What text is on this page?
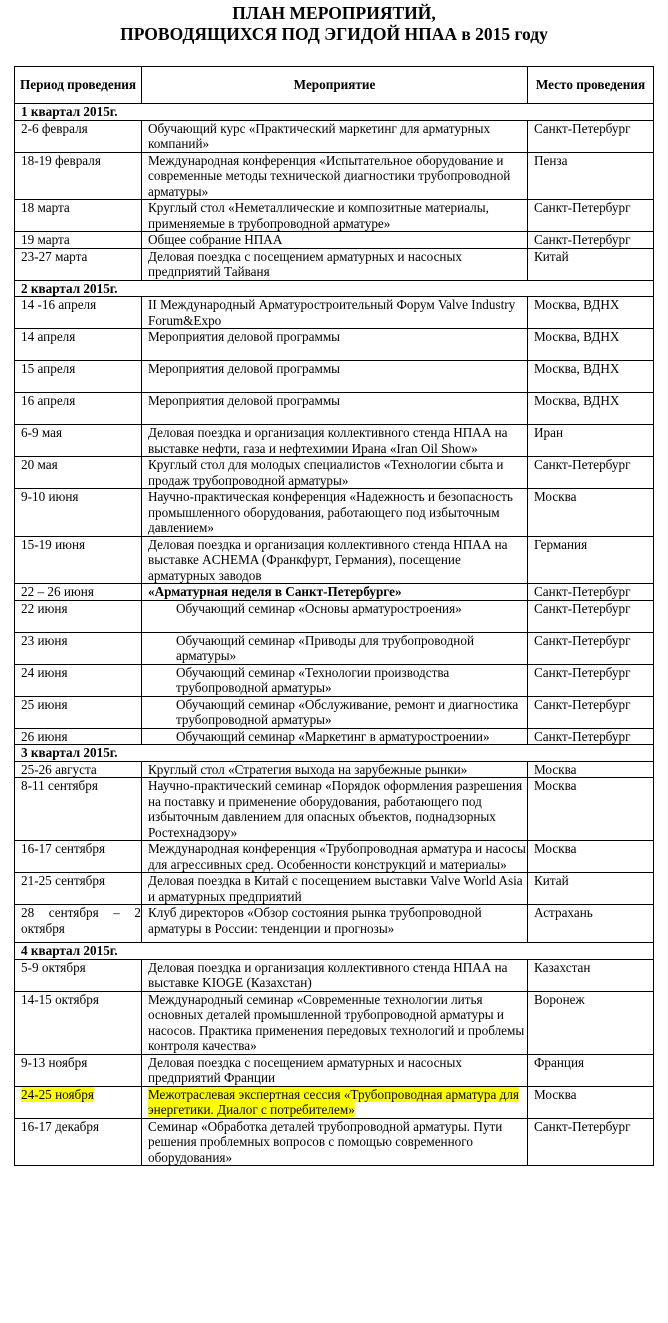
ПЛАН МЕРОПРИЯТИЙ,
ПРОВОДЯЩИХСЯ ПОД ЭГИДОЙ НПАА в 2015 году
Период проведения	Мероприятие	Место проведения
1 квартал 2015г.		
2-6 февраля	Обучающий курс «Практический маркетинг для арматурных компаний»	Санкт-Петербург
18-19 февраля	Международная конференция «Испытательное оборудование и современные методы технической диагностики трубопроводной арматуры»	Пенза
18 марта	Круглый стол «Неметаллические и композитные материалы, применяемые в трубопроводной арматуре»	Санкт-Петербург
19 марта	Общее собрание НПАА	Санкт-Петербург
23-27 марта	Деловая поездка с посещением арматурных и насосных предприятий Тайваня	Китай
2 квартал 2015г.		
14 -16 апреля	II Международный Арматуростроительный Форум Valve Industry Forum&Expo	Москва, ВДНХ
14 апреля	Мероприятия деловой программы	Москва, ВДНХ
15 апреля	Мероприятия деловой программы	Москва, ВДНХ
16 апреля	Мероприятия деловой программы	Москва, ВДНХ
6-9 мая	Деловая поездка и организация коллективного стенда НПАА на выставке нефти, газа и нефтехимии Ирана «Iran Oil Show»	Иран
20 мая	Круглый стол для молодых специалистов «Технологии сбыта и продаж трубопроводной арматуры»	Санкт-Петербург
9-10 июня	Научно-практическая конференция «Надежность и безопасность промышленного оборудования, работающего под избыточным давлением»	Москва
15-19 июня	Деловая поездка и организация коллективного стенда НПАА на выставке ACHEMA (Франкфурт, Германия), посещение арматурных заводов	Германия
22 – 26 июня	«Арматурная неделя в Санкт-Петербурге»	Санкт-Петербург
22 июня	Обучающий семинар «Основы арматуростроения»	Санкт-Петербург
23 июня	Обучающий семинар «Приводы для трубопроводной арматуры»	Санкт-Петербург
24 июня	Обучающий семинар «Технологии производства трубопроводной арматуры»	Санкт-Петербург
25 июня	Обучающий семинар «Обслуживание, ремонт и диагностика трубопроводной арматуры»	Санкт-Петербург
26 июня	Обучающий семинар «Маркетинг в арматуростроении»	Санкт-Петербург
3 квартал 2015г.		
25-26 августа	Круглый стол «Стратегия выхода на зарубежные рынки»	Москва
8-11 сентября	Научно-практический семинар «Порядок оформления разрешения на поставку и применение оборудования, работающего под избыточным давлением для опасных объектов, поднадзорных Ростехнадзору»	Москва
16-17 сентября	Международная конференция «Трубопроводная арматура и насосы для агрессивных сред. Особенности конструкций и материалы»	Москва
21-25 сентября	Деловая поездка в Китай с посещением выставки Valve World Asia и арматурных предприятий	Китай
28 сентября – 2 октября	Клуб директоров «Обзор состояния рынка трубопроводной арматуры в России: тенденции и прогнозы»	Астрахань
4 квартал 2015г.		
5-9 октября	Деловая поездка и организация коллективного стенда НПАА на выставке KIOGE (Казахстан)	Казахстан
14-15 октября	Международный семинар «Современные технологии литья основных деталей промышленной трубопроводной арматуры и насосов. Практика применения передовых технологий и проблемы контроля качества»	Воронеж
9-13 ноября	Деловая поездка с посещением арматурных и насосных предприятий Франции	Франция
24-25 ноября	Межотраслевая экспертная сессия «Трубопроводная арматура для энергетики. Диалог с потребителем»	Москва
16-17 декабря	Семинар «Обработка деталей трубопроводной арматуры. Пути решения проблемных вопросов с помощью современного оборудования»	Санкт-Петербург
